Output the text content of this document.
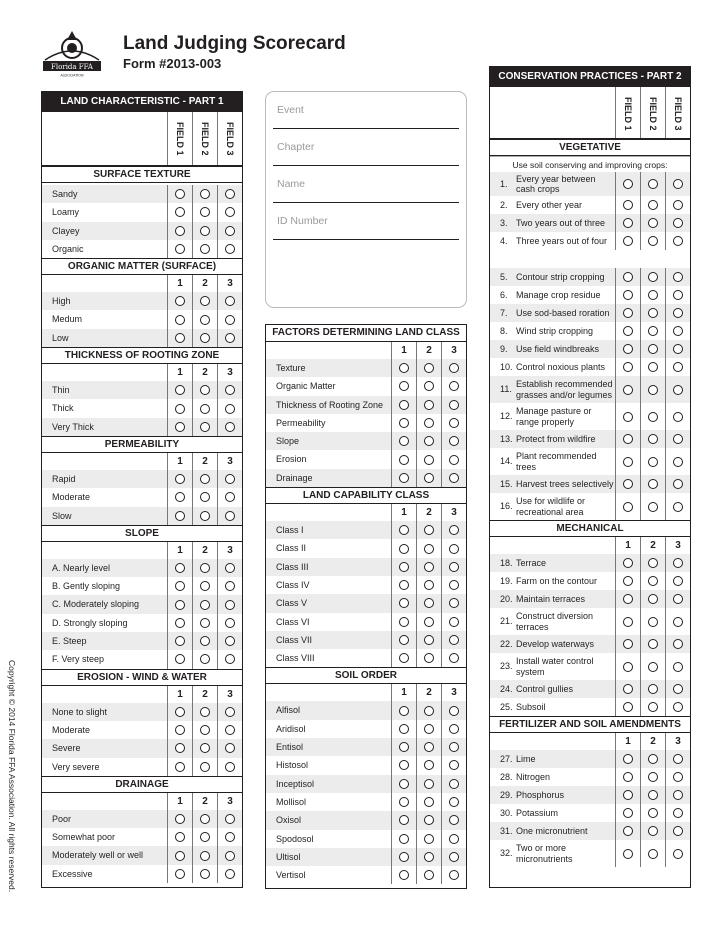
Florida FFA
ASSOCIATION
Land Judging Scorecard
Form #2013-003
Copyright © 2014 Florida FFA Association. All rights reserved.
LAND CHARACTERISTIC - PART 1
FIELD 1 FIELD 2 FIELD 3
SURFACE TEXTURE
Sandy
Loamy
Clayey
Organic
ORGANIC MATTER (SURFACE)
1	2	3
High
Medum
Low
THICKNESS OF ROOTING ZONE
1	2	3
Thin
Thick
Very Thick
PERMEABILITY
1	2	3
Rapid
Moderate
Slow
SLOPE
1	2	3
A. Nearly level
B. Gently sloping
C. Moderately sloping
D. Strongly sloping
E. Steep
F. Very steep
EROSION - WIND & WATER
1	2	3
None to slight
Moderate
Severe
Very severe
DRAINAGE
1	2	3
Poor
Somewhat poor
Moderately well or well
Excessive
Event
Chapter
Name
ID Number
FACTORS DETERMINING LAND CLASS
1	2	3
Texture
Organic Matter
Thickness of Rooting Zone
Permeability
Slope
Erosion
Drainage
LAND CAPABILITY CLASS
1	2	3
Class I
Class II
Class III
Class IV
Class V
Class VI
Class VII
Class VIII
SOIL ORDER
1	2	3
Alfisol
Aridisol
Entisol
Histosol
Inceptisol
Mollisol
Oxisol
Spodosol
Ultisol
Vertisol
CONSERVATION PRACTICES - PART 2
FIELD 1 FIELD 2 FIELD 3
VEGETATIVE
Use soil conserving and improving crops:
1.
Every year between cash crops
2. Every other year
3. Two years out of three
4. Three years out of four
5. Contour strip cropping
6. Manage crop residue
7. Use sod-based roration
8. Wind strip cropping
9. Use field windbreaks
10. Control noxious plants
11.
Establish recommended grasses and/or legumes
12.
Manage pasture or range properly
13. Protect from wildfire
14.
Plant recommended trees
15. Harvest trees selectively
16.
Use for wildlife or recreational area
MECHANICAL
1	2	3
18. Terrace
19. Farm on the contour
20. Maintain terraces
21.
Construct diversion terraces
22. Develop waterways
23.
Install water control system
24. Control gullies
25. Subsoil
FERTILIZER AND SOIL AMENDMENTS
1	2	3
27. Lime
28. Nitrogen
29. Phosphorus
30. Potassium
31. One micronutrient
32.
Two or more micronutrients
